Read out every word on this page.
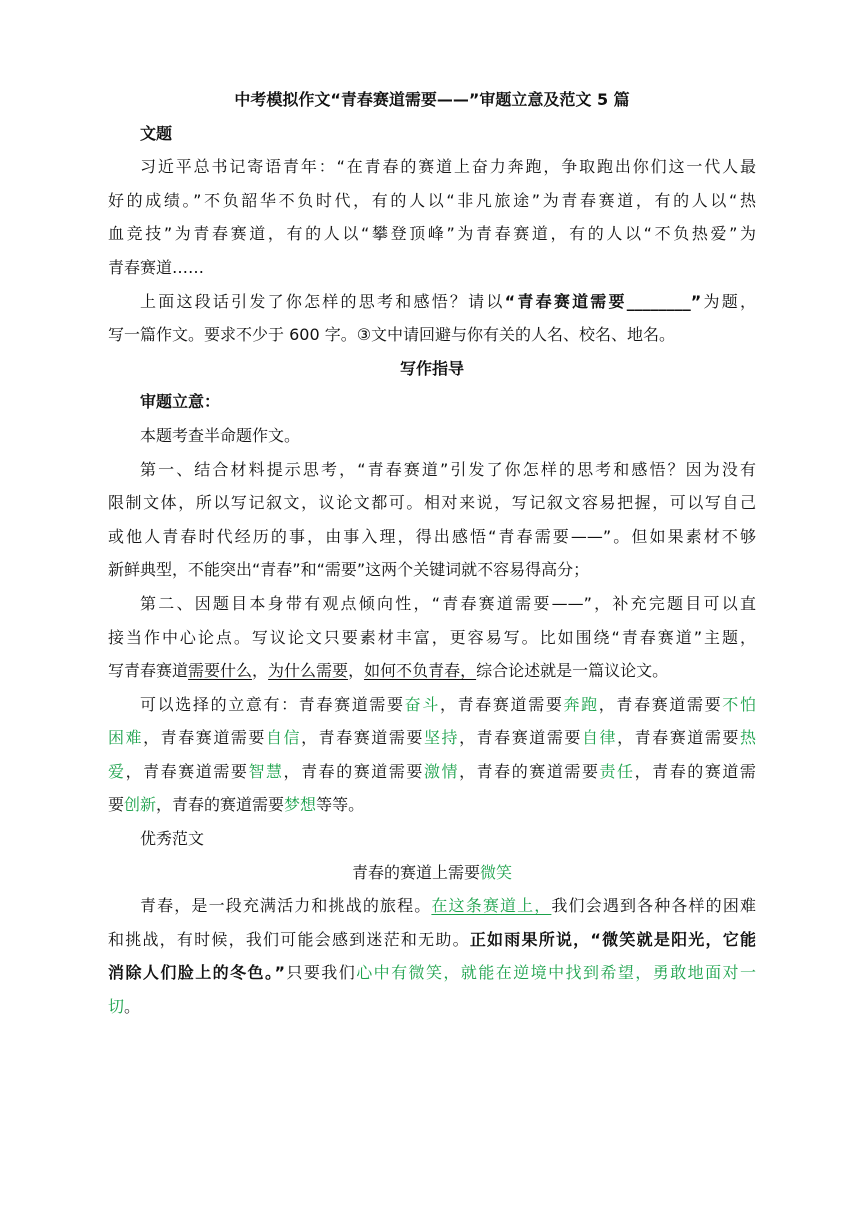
中考模拟作文“青春赛道需要——”审题立意及范文 5 篇
文题
习近平总书记寄语青年：“在青春的赛道上奋力奔跑，争取跑出你们这一代人最
好的成绩。”不负韶华不负时代，有的人以“非凡旅途”为青春赛道，有的人以“热
血竞技”为青春赛道，有的人以“攀登顶峰”为青春赛道，有的人以“不负热爱”为
青春赛道……
上面这段话引发了你怎样的思考和感悟？请以“青春赛道需要________”为题，
写一篇作文。要求不少于 600 字。③文中请回避与你有关的人名、校名、地名。
写作指导
审题立意：
本题考查半命题作文。
第一、结合材料提示思考，“青春赛道”引发了你怎样的思考和感悟？因为没有
限制文体，所以写记叙文，议论文都可。相对来说，写记叙文容易把握，可以写自己
或他人青春时代经历的事，由事入理，得出感悟“青春需要——”。但如果素材不够
新鲜典型，不能突出“青春”和“需要”这两个关键词就不容易得高分；
第二、因题目本身带有观点倾向性，“青春赛道需要——”，补充完题目可以直
接当作中心论点。写议论文只要素材丰富，更容易写。比如围绕“青春赛道”主题，
写青春赛道需要什么，为什么需要，如何不负青春，综合论述就是一篇议论文。
可以选择的立意有：青春赛道需要奋斗，青春赛道需要奔跑，青春赛道需要不怕
困难，青春赛道需要自信，青春赛道需要坚持，青春赛道需要自律，青春赛道需要热
爱，青春赛道需要智慧，青春的赛道需要激情，青春的赛道需要责任，青春的赛道需
要创新，青春的赛道需要梦想等等。
优秀范文
青春的赛道上需要微笑
青春，是一段充满活力和挑战的旅程。在这条赛道上，我们会遇到各种各样的困难
和挑战，有时候，我们可能会感到迷茫和无助。正如雨果所说，“微笑就是阳光，它能
消除人们脸上的冬色。”只要我们心中有微笑，就能在逆境中找到希望，勇敢地面对一
切。
